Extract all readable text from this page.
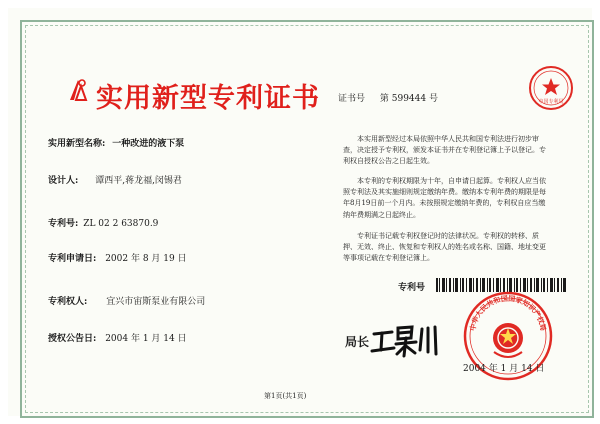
实用新型专利证书 证书号 第 599444 号	中国专利局
实用新型名称: 一种改进的液下泵
设计人: 谭西平,蒋龙福,闵锡君
专利号: ZL 02 2 63870.9
专利申请日: 2002 年 8 月 19 日
专利权人: 宜兴市宙斯泵业有限公司
授权公告日: 2004 年 1 月 14 日
本实用新型经过本局依照中华人民共和国专利法进行初步审查，决定授予专利权，颁发本证书并在专利登记簿上予以登记。专利权自授权公告之日起生效。
本专利的专利权期限为十年，自申请日起算。专利权人应当依照专利法及其实施细则规定缴纳年费。缴纳本专利年费的期限是每年8月19日前一个月内。未按照规定缴纳年费的，专利权自应当缴纳年费期满之日起终止。
专利证书记载专利权登记时的法律状况。专利权的转移、质押、无效、终止、恢复和专利权人的姓名或名称、国籍、地址变更等事项记载在专利登记簿上。
专利号
局长
中华人民共和国国家知识产权局
2004 年 1 月 14 日
第1页(共1页)
